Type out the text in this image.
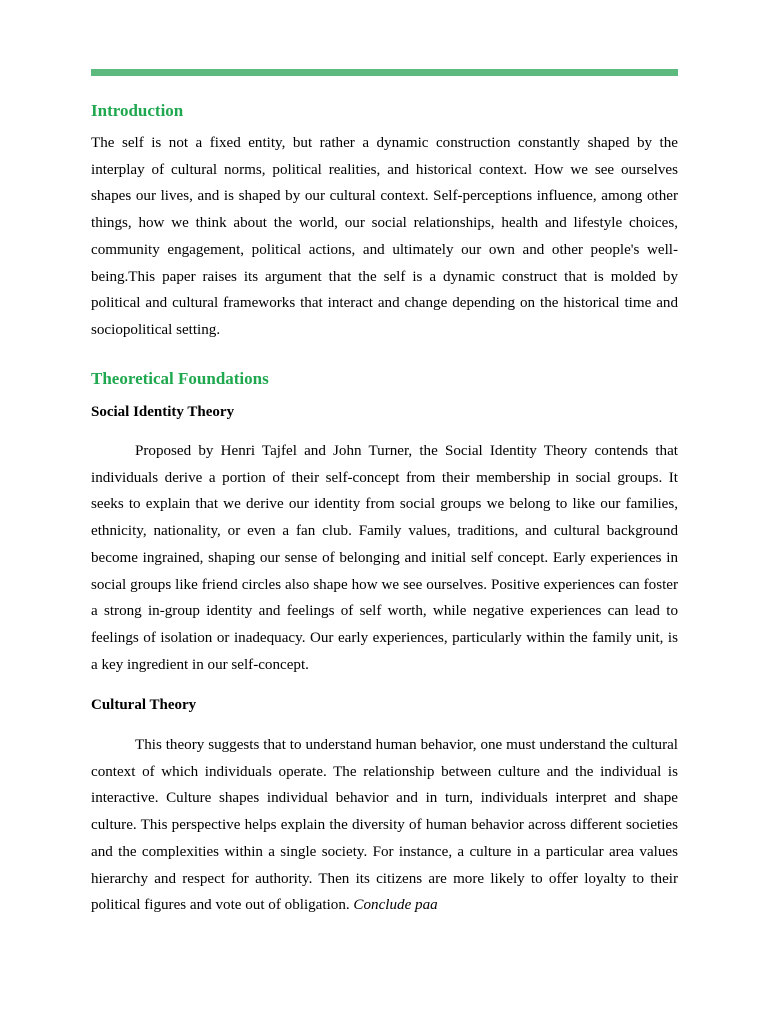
Introduction

The self is not a fixed entity, but rather a dynamic construction constantly shaped by the interplay of cultural norms, political realities, and historical context. How we see ourselves shapes our lives, and is shaped by our cultural context. Self-perceptions influence, among other things, how we think about the world, our social relationships, health and lifestyle choices, community engagement, political actions, and ultimately our own and other people's well-being.This paper raises its argument that the self is a dynamic construct that is molded by political and cultural frameworks that interact and change depending on the historical time and sociopolitical setting.

Theoretical Foundations
Social Identity Theory

Proposed by Henri Tajfel and John Turner, the Social Identity Theory contends that individuals derive a portion of their self-concept from their membership in social groups. It seeks to explain that we derive our identity from social groups we belong to like our families, ethnicity, nationality, or even a fan club. Family values, traditions, and cultural background become ingrained, shaping our sense of belonging and initial self concept. Early experiences in social groups like friend circles also shape how we see ourselves. Positive experiences can foster a strong in-group identity and feelings of self worth, while negative experiences can lead to feelings of isolation or inadequacy. Our early experiences, particularly within the family unit, is a key ingredient in our self-concept.

Cultural Theory

This theory suggests that to understand human behavior, one must understand the cultural context of which individuals operate. The relationship between culture and the individual is interactive. Culture shapes individual behavior and in turn, individuals interpret and shape culture. This perspective helps explain the diversity of human behavior across different societies and the complexities within a single society. For instance, a culture in a particular area values hierarchy and respect for authority. Then its citizens are more likely to offer loyalty to their political figures and vote out of obligation. Conclude paa
